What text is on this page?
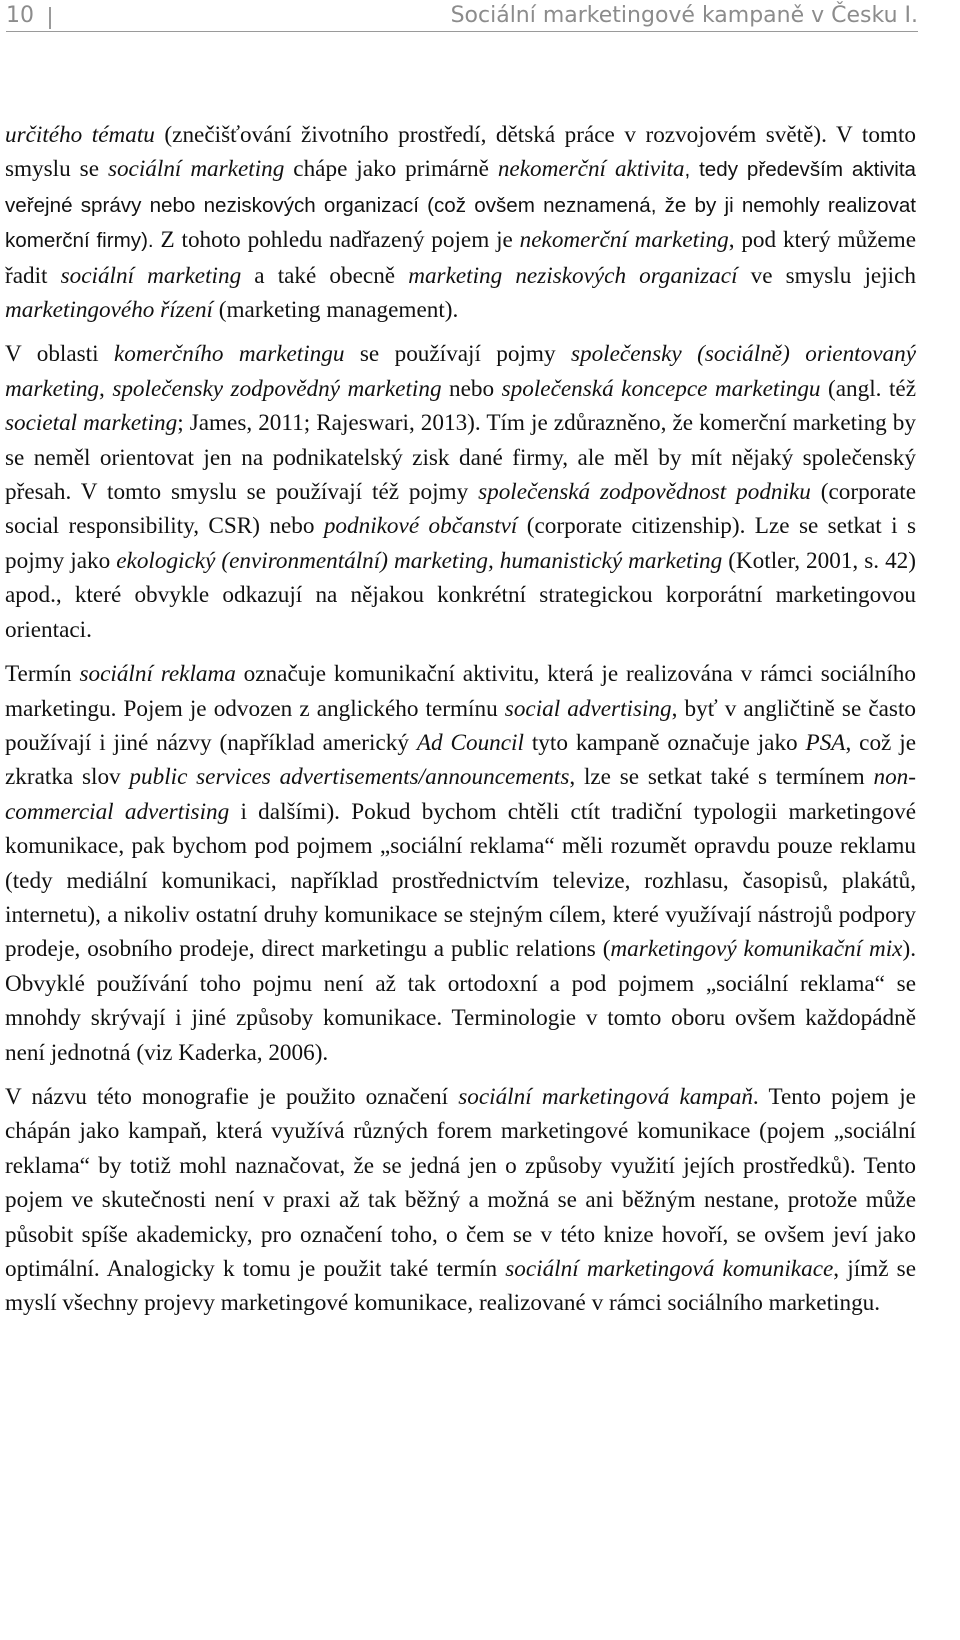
10	Sociální marketingové kampaně v Česku I.

určitého tématu (znečišťování životního prostředí, dětská práce v rozvojovém světě). V tomto smyslu se sociální marketing chápe jako primárně nekomerční aktivita, tedy především aktivita veřejné správy nebo neziskových organizací (což ovšem neznamená, že by ji nemohly realizovat komerční firmy). Z tohoto pohledu nadřazený pojem je nekomerční marketing, pod který můžeme řadit sociální marketing a také obecně marketing neziskových organizací ve smyslu jejich marketingového řízení (marketing management).

V oblasti komerčního marketingu se používají pojmy společensky (sociálně) orientovaný marketing, společensky zodpovědný marketing nebo společenská koncepce marketingu (angl. též societal marketing; James, 2011; Rajeswari, 2013). Tím je zdůrazněno, že komerční marketing by se neměl orientovat jen na podnikatelský zisk dané firmy, ale měl by mít nějaký společenský přesah. V tomto smyslu se používají též pojmy společenská zodpovědnost podniku (corporate social responsibility, CSR) nebo podnikové občanství (corporate citizenship). Lze se setkat i s pojmy jako ekologický (environmentální) marketing, humanistický marketing (Kotler, 2001, s. 42) apod., které obvykle odkazují na nějakou konkrétní strategickou korporátní marketingovou orientaci.

Termín sociální reklama označuje komunikační aktivitu, která je realizována v rámci sociálního marketingu. Pojem je odvozen z anglického termínu social advertising, byť v angličtině se často používají i jiné názvy (například americký Ad Council tyto kampaně označuje jako PSA, což je zkratka slov public services advertisements/announcements, lze se setkat také s termínem non-commercial advertising i dalšími). Pokud bychom chtěli ctít tradiční typologii marketingové komunikace, pak bychom pod pojmem „sociální reklama“ měli rozumět opravdu pouze reklamu (tedy mediální komunikaci, například prostřednictvím televize, rozhlasu, časopisů, plakátů, internetu), a nikoliv ostatní druhy komunikace se stejným cílem, které využívají nástrojů podpory prodeje, osobního prodeje, direct marketingu a public relations (marketingový komunikační mix). Obvyklé používání toho pojmu není až tak ortodoxní a pod pojmem „sociální reklama“ se mnohdy skrývají i jiné způsoby komunikace. Terminologie v tomto oboru ovšem každopádně není jednotná (viz Kaderka, 2006).

V názvu této monografie je použito označení sociální marketingová kampaň. Tento pojem je chápán jako kampaň, která využívá různých forem marketingové komunikace (pojem „sociální reklama“ by totiž mohl naznačovat, že se jedná jen o způsoby využití jejích prostředků). Tento pojem ve skutečnosti není v praxi až tak běžný a možná se ani běžným nestane, protože může působit spíše akademicky, pro označení toho, o čem se v této knize hovoří, se ovšem jeví jako optimální. Analogicky k tomu je použit také termín sociální marketingová komunikace, jímž se myslí všechny projevy marketingové komunikace, realizované v rámci sociálního marketingu.
